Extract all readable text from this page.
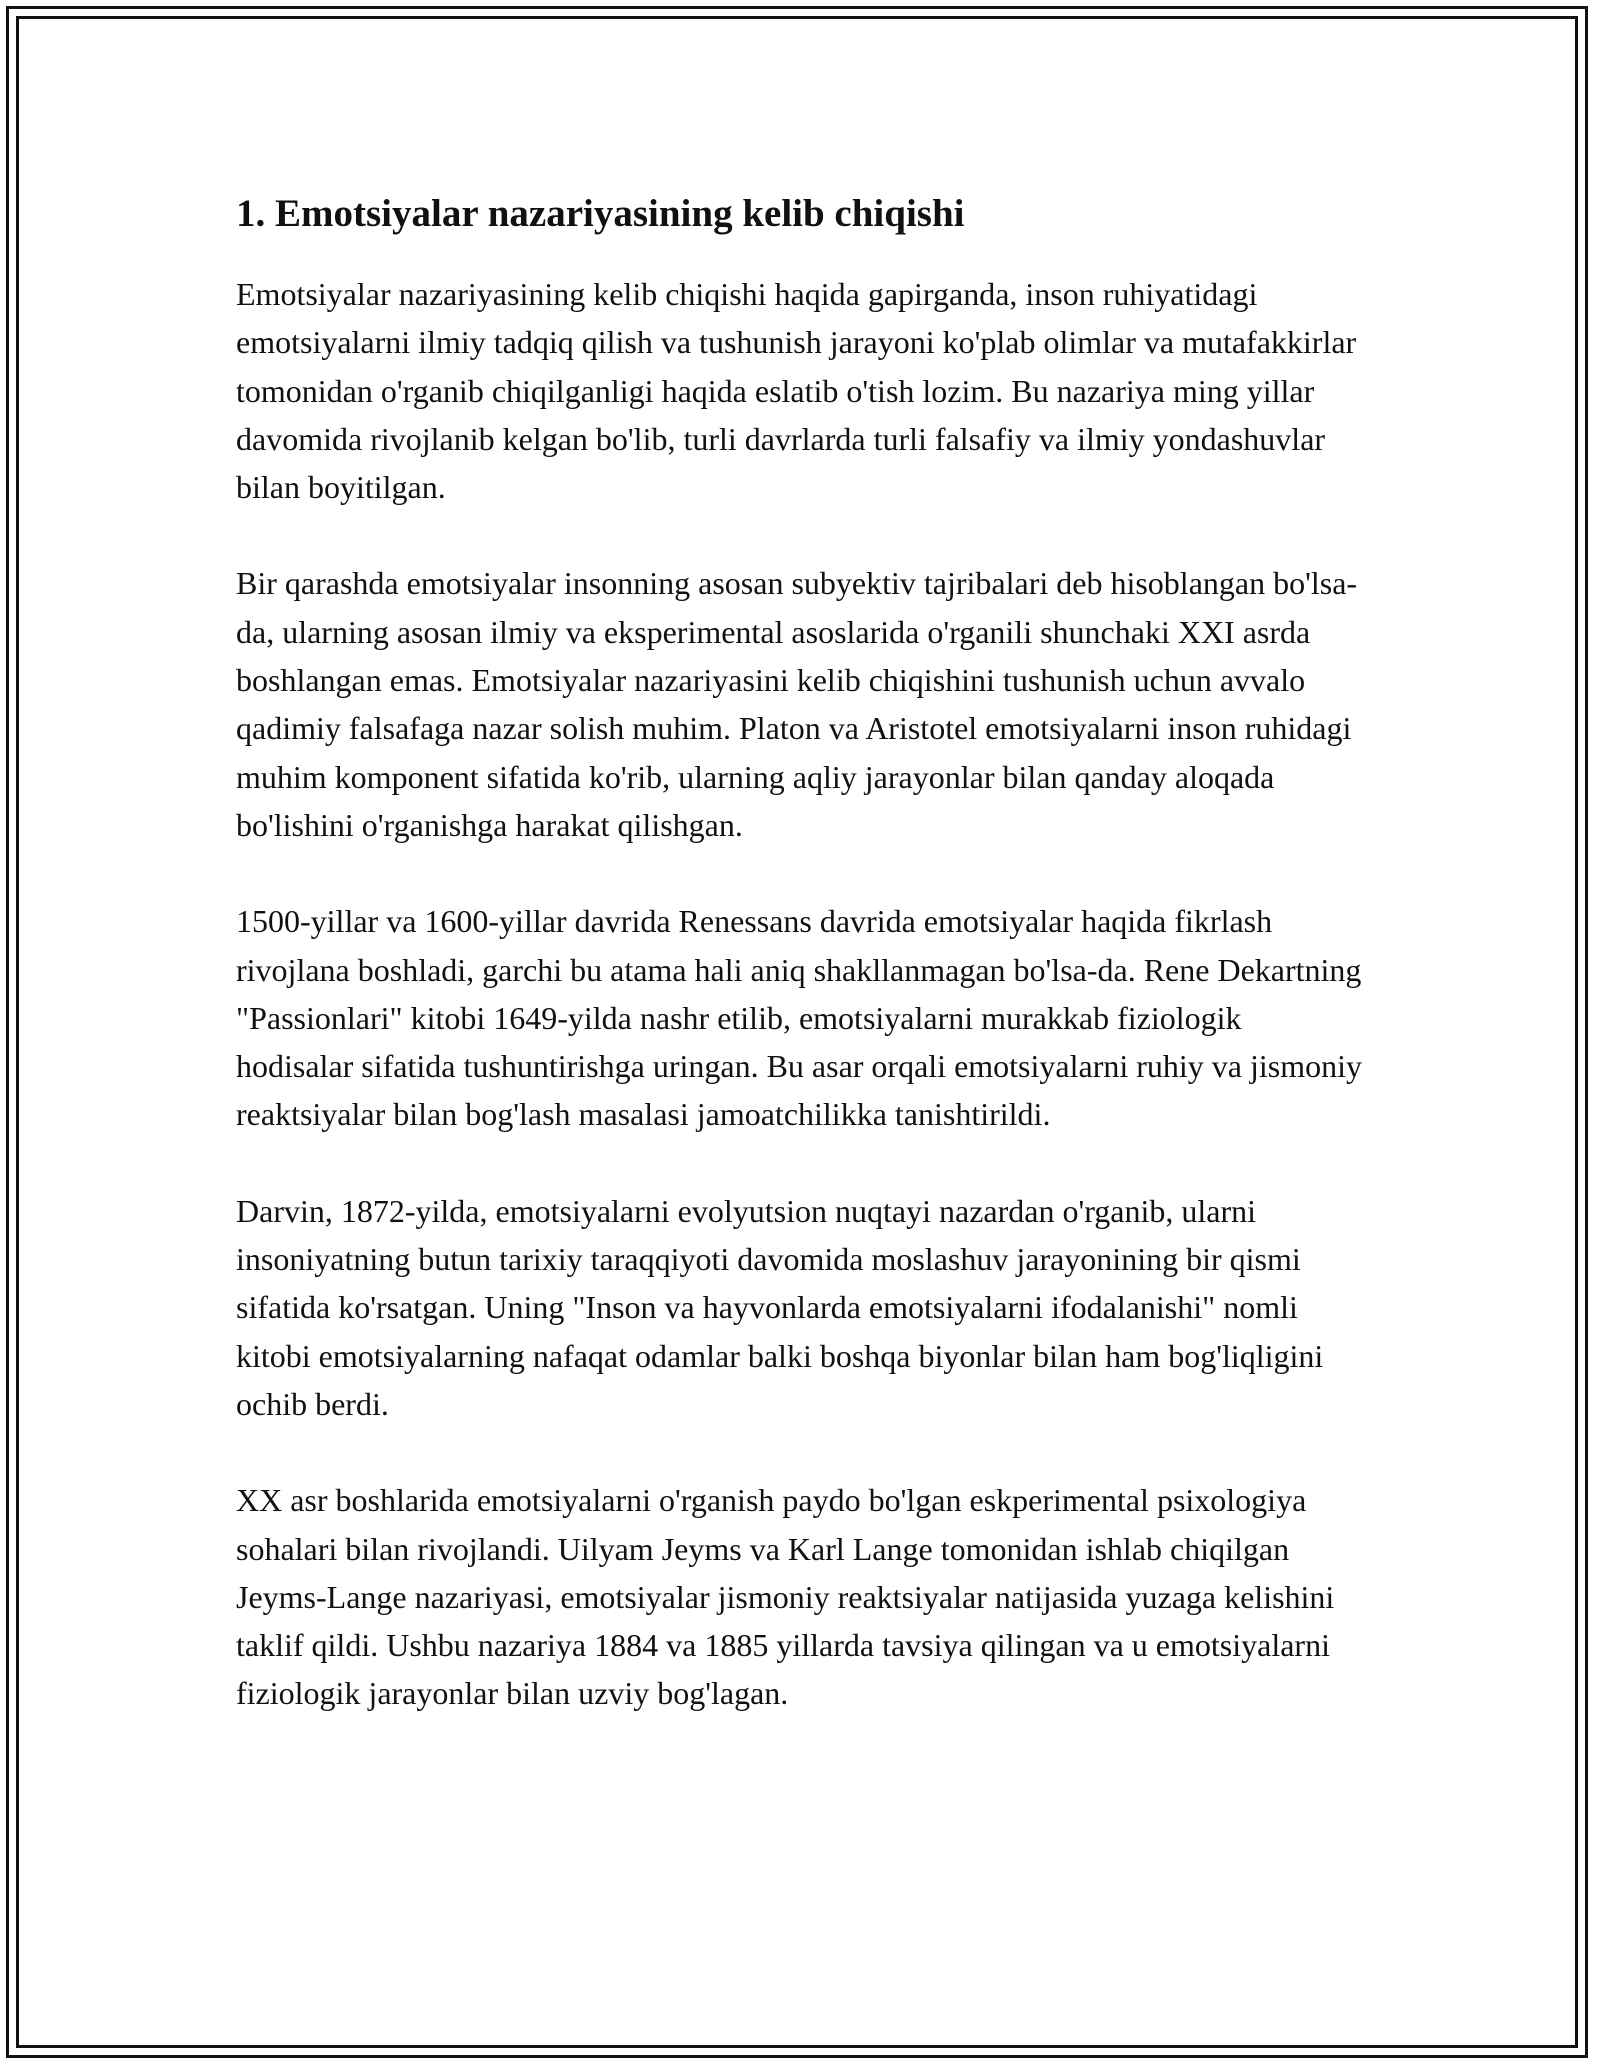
1. Emotsiyalar nazariyasining kelib chiqishi

Emotsiyalar nazariyasining kelib chiqishi haqida gapirganda, inson ruhiyatidagi emotsiyalarni ilmiy tadqiq qilish va tushunish jarayoni ko'plab olimlar va mutafakkirlar tomonidan o'rganib chiqilganligi haqida eslatib o'tish lozim. Bu nazariya ming yillar davomida rivojlanib kelgan bo'lib, turli davrlarda turli falsafiy va ilmiy yondashuvlar bilan boyitilgan.

Bir qarashda emotsiyalar insonning asosan subyektiv tajribalari deb hisoblangan bo'lsa-da, ularning asosan ilmiy va eksperimental asoslarida o'rganili shunchaki XXI asrda boshlangan emas. Emotsiyalar nazariyasini kelib chiqishini tushunish uchun avvalo qadimiy falsafaga nazar solish muhim. Platon va Aristotel emotsiyalarni inson ruhidagi muhim komponent sifatida ko'rib, ularning aqliy jarayonlar bilan qanday aloqada bo'lishini o'rganishga harakat qilishgan.

1500-yillar va 1600-yillar davrida Renessans davrida emotsiyalar haqida fikrlash rivojlana boshladi, garchi bu atama hali aniq shakllanmagan bo'lsa-da. Rene Dekartning "Passionlari" kitobi 1649-yilda nashr etilib, emotsiyalarni murakkab fiziologik hodisalar sifatida tushuntirishga uringan. Bu asar orqali emotsiyalarni ruhiy va jismoniy reaktsiyalar bilan bog'lash masalasi jamoatchilikka tanishtirildi.

Darvin, 1872-yilda, emotsiyalarni evolyutsion nuqtayi nazardan o'rganib, ularni insoniyatning butun tarixiy taraqqiyoti davomida moslashuv jarayonining bir qismi sifatida ko'rsatgan. Uning "Inson va hayvonlarda emotsiyalarni ifodalanishi" nomli kitobi emotsiyalarning nafaqat odamlar balki boshqa biyonlar bilan ham bog'liqligini ochib berdi.

XX asr boshlarida emotsiyalarni o'rganish paydo bo'lgan eskperimental psixologiya sohalari bilan rivojlandi. Uilyam Jeyms va Karl Lange tomonidan ishlab chiqilgan Jeyms-Lange nazariyasi, emotsiyalar jismoniy reaktsiyalar natijasida yuzaga kelishini taklif qildi. Ushbu nazariya 1884 va 1885 yillarda tavsiya qilingan va u emotsiyalarni fiziologik jarayonlar bilan uzviy bog'lagan.
